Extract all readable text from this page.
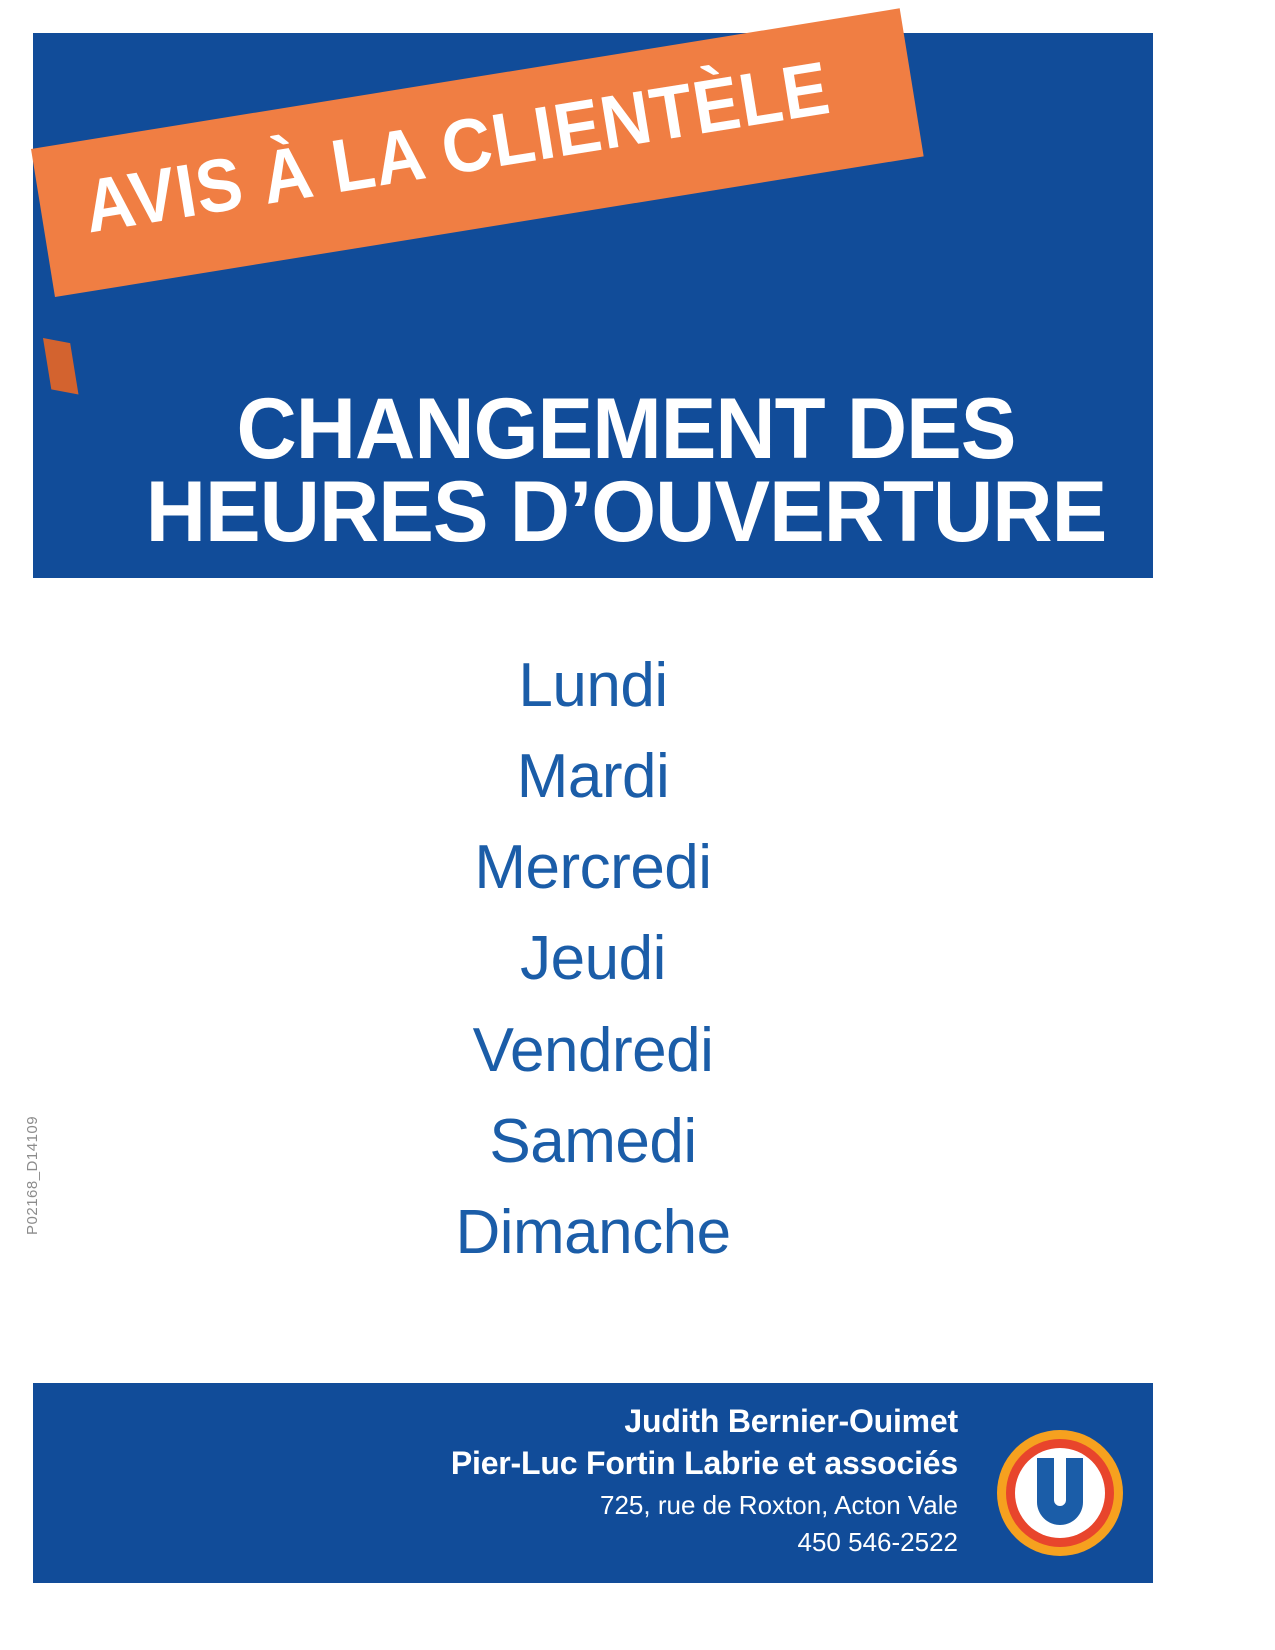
AVIS À LA CLIENTÈLE
CHANGEMENT DES
HEURES D’OUVERTURE
Lundi
Mardi
Mercredi
Jeudi
Vendredi
Samedi
Dimanche
P02168_D14109
Judith Bernier-Ouimet
Pier-Luc Fortin Labrie et associés
725, rue de Roxton, Acton Vale
450 546-2522
